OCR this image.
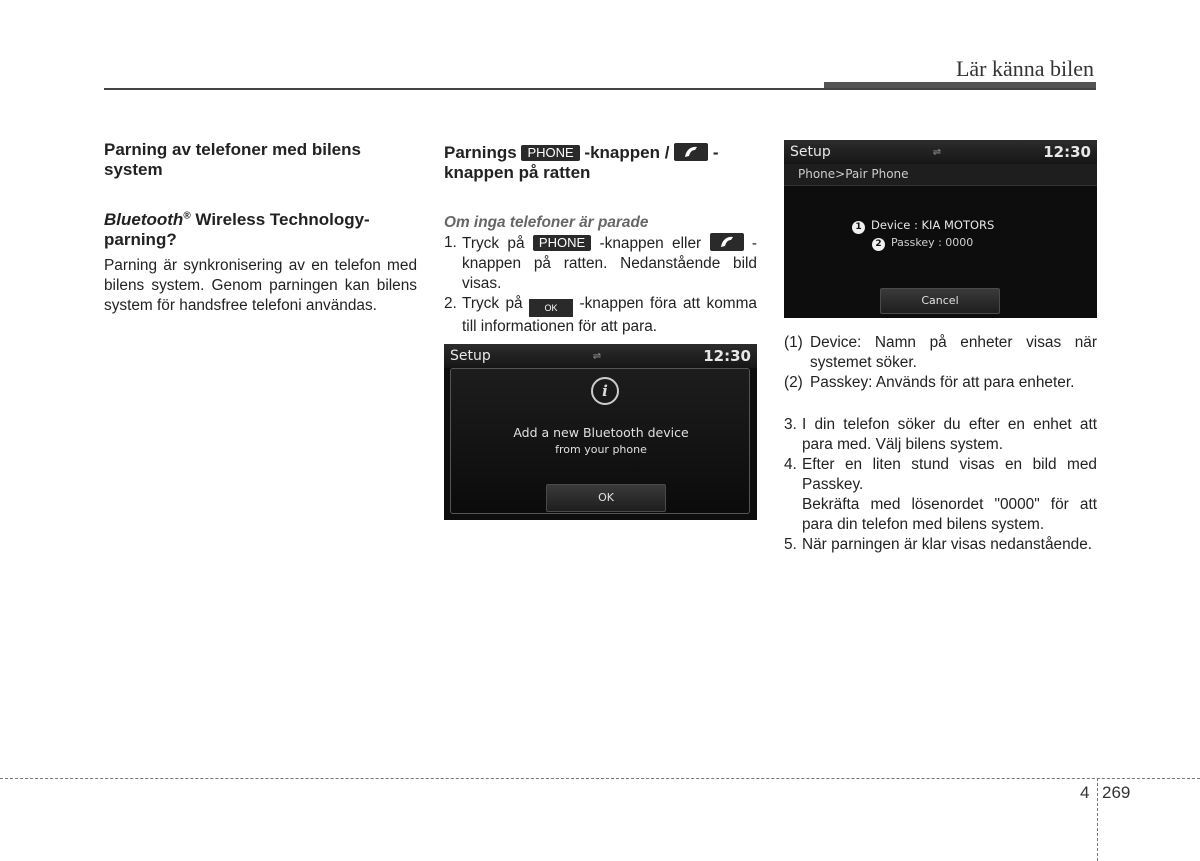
Lär känna bilen
Parning av telefoner med bilens system
Bluetooth® Wireless Technology-parning?
Parning är synkronisering av en telefon med bilens system. Genom parningen kan bilens system för handsfree telefoni användas.
Parnings PHONE -knappen /
-knappen på ratten
Om inga telefoner är parade
1. Tryck på PHONE -knappen eller
-knappen på ratten. Nedanstående bild visas.
2. Tryck på OK -knappen föra att komma till informationen för att para.
Setup	⇌	12:30
i
Add a new Bluetooth device
from your phone
OK
Setup	⇌	12:30
Phone>Pair Phone
1 Device : KIA MOTORS
2 Passkey : 0000
Cancel
(1) Device: Namn på enheter visas när systemet söker.
(2) Passkey: Används för att para enheter.
3. I din telefon söker du efter en enhet att para med. Välj bilens system.
4. Efter en liten stund visas en bild med Passkey.
Bekräfta med lösenordet "0000" för att para din telefon med bilens system.
5. När parningen är klar visas nedanstående.
4 269
